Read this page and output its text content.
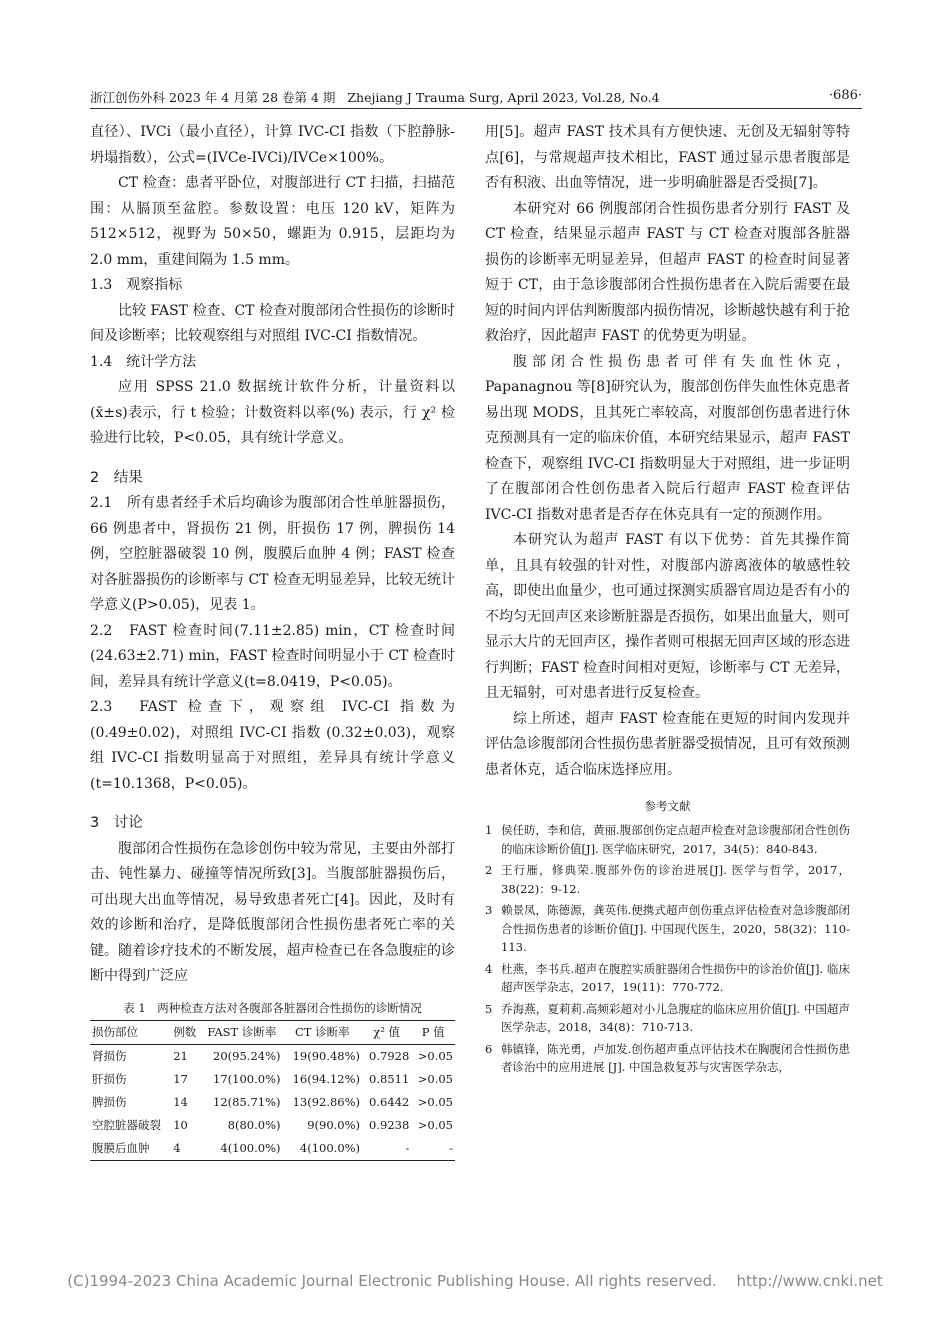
浙江创伤外科 2023 年 4 月第 28 卷第 4 期 Zhejiang J Trauma Surg, April 2023, Vol.28, No.4	·686·

直径）、IVCi（最小直径），计算 IVC-CI 指数（下腔静脉-坍塌指数），公式=(IVCe-IVCi)/IVCe×100%。

CT 检查：患者平卧位，对腹部进行 CT 扫描，扫描范围：从膈顶至盆腔。参数设置：电压 120 kV，矩阵为 512×512，视野为 50×50，螺距为 0.915，层距均为 2.0 mm，重建间隔为 1.5 mm。

1.3　观察指标

比较 FAST 检查、CT 检查对腹部闭合性损伤的诊断时间及诊断率；比较观察组与对照组 IVC-CI 指数情况。

1.4　统计学方法

应用 SPSS 21.0 数据统计软件分析，计量资料以(x̄±s)表示，行 t 检验；计数资料以率(%) 表示，行 χ² 检验进行比较，P<0.05，具有统计学意义。

2　结果

2.1　所有患者经手术后均确诊为腹部闭合性单脏器损伤，66 例患者中，肾损伤 21 例，肝损伤 17 例，脾损伤 14 例，空腔脏器破裂 10 例，腹膜后血肿 4 例；FAST 检查对各脏器损伤的诊断率与 CT 检查无明显差异，比较无统计学意义(P>0.05)，见表 1。

2.2　FAST 检查时间(7.11±2.85) min，CT 检查时间(24.63±2.71) min，FAST 检查时间明显小于 CT 检查时间，差异具有统计学意义(t=8.0419，P<0.05)。

2.3　FAST 检查下，观察组 IVC-CI 指数为 (0.49±0.02)，对照组 IVC-CI 指数 (0.32±0.03)，观察组 IVC-CI 指数明显高于对照组，差异具有统计学意义(t=10.1368，P<0.05)。

3　讨论

腹部闭合性损伤在急诊创伤中较为常见，主要由外部打击、钝性暴力、碰撞等情况所致[3]。当腹部脏器损伤后，可出现大出血等情况，易导致患者死亡[4]。因此，及时有效的诊断和治疗，是降低腹部闭合性损伤患者死亡率的关键。随着诊疗技术的不断发展，超声检查已在各急腹症的诊断中得到广泛应

表 1　两种检查方法对各腹部各脏器闭合性损伤的诊断情况

损伤部位	例数	FAST 诊断率	CT 诊断率	χ² 值	P 值
肾损伤	21	20(95.24%)	19(90.48%)	0.7928	>0.05
肝损伤	17	17(100.0%)	16(94.12%)	0.8511	>0.05
脾损伤	14	12(85.71%)	13(92.86%)	0.6442	>0.05
空腔脏器破裂	10	8(80.0%)	9(90.0%)	0.9238	>0.05
腹膜后血肿	4	4(100.0%)	4(100.0%)	-	-

用[5]。超声 FAST 技术具有方便快速、无创及无辐射等特点[6]，与常规超声技术相比，FAST 通过显示患者腹部是否有积液、出血等情况，进一步明确脏器是否受损[7]。

本研究对 66 例腹部闭合性损伤患者分别行 FAST 及 CT 检查，结果显示超声 FAST 与 CT 检查对腹部各脏器损伤的诊断率无明显差异，但超声 FAST 的检查时间显著短于 CT，由于急诊腹部闭合性损伤患者在入院后需要在最短的时间内评估判断腹部内损伤情况，诊断越快越有利于抢救治疗，因此超声 FAST 的优势更为明显。

腹部闭合性损伤患者可伴有失血性休克，Papanagnou 等[8]研究认为，腹部创伤伴失血性休克患者易出现 MODS，且其死亡率较高，对腹部创伤患者进行休克预测具有一定的临床价值，本研究结果显示，超声 FAST 检查下，观察组 IVC-CI 指数明显大于对照组，进一步证明了在腹部闭合性创伤患者入院后行超声 FAST 检查评估 IVC-CI 指数对患者是否存在休克具有一定的预测作用。

本研究认为超声 FAST 有以下优势：首先其操作简单，且具有较强的针对性，对腹部内游离液体的敏感性较高，即使出血量少，也可通过探测实质器官周边是否有小的不均匀无回声区来诊断脏器是否损伤，如果出血量大，则可显示大片的无回声区，操作者则可根据无回声区域的形态进行判断；FAST 检查时间相对更短，诊断率与 CT 无差异，且无辐射，可对患者进行反复检查。

综上所述，超声 FAST 检查能在更短的时间内发现并评估急诊腹部闭合性损伤患者脏器受损情况，且可有效预测患者休克，适合临床选择应用。

参考文献

1 侯任昉，李和信，黄丽.腹部创伤定点超声检查对急诊腹部闭合性创伤的临床诊断价值[J]. 医学临床研究，2017，34(5)：840-843.
2 王行雁，修典荣.腹部外伤的诊治进展[J]. 医学与哲学，2017，38(22)：9-12.
3 赖景凤，陈德源，龚英伟.便携式超声创伤重点评估检查对急诊腹部闭合性损伤患者的诊断价值[J]. 中国现代医生，2020，58(32)：110-113.
4 杜燕，李书兵.超声在腹腔实质脏器闭合性损伤中的诊治价值[J]. 临床超声医学杂志，2017，19(11)：770-772.
5 乔海燕，夏莉莉.高频彩超对小儿急腹症的临床应用价值[J]. 中国超声医学杂志，2018，34(8)：710-713.
6 韩镇锋，陈光勇，卢加发.创伤超声重点评估技术在胸腹闭合性损伤患者诊治中的应用进展 [J]. 中国急救复苏与灾害医学杂志，
(C)1994-2023 China Academic Journal Electronic Publishing House. All rights reserved.　 http://www.cnki.net
